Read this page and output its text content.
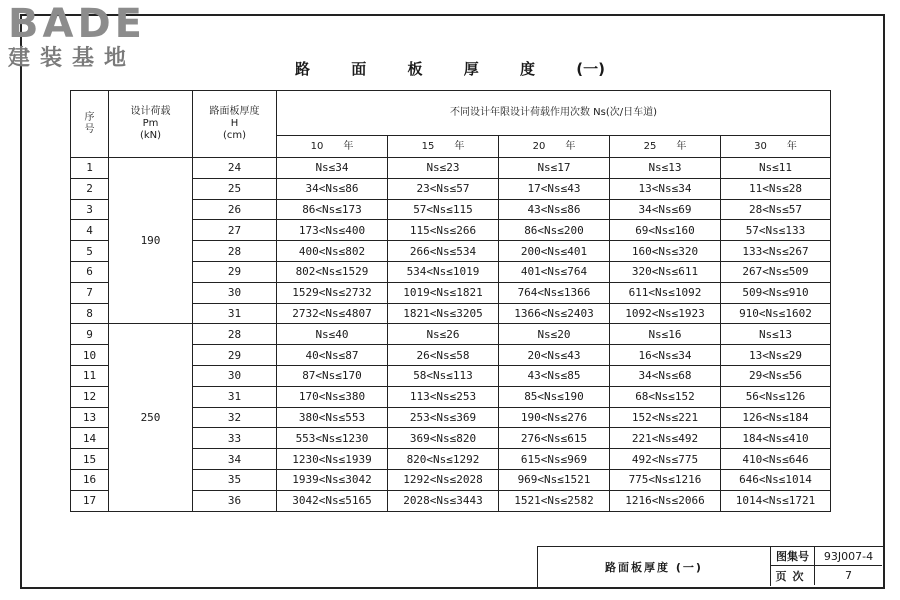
BADE
建装基地	路	面	板	厚	度	(一)
序
号	设计荷载
Pm
(kN)	路面板厚度
H
(cm)	不同设计年限设计荷载作用次数 Ns(次/日车道)				
			10　　年	15　　年	20　　年	25　　年	30　　年
1	190	24	Ns≤34	Ns≤23	Ns≤17	Ns≤13	Ns≤11
2		25	34<Ns≤86	23<Ns≤57	17<Ns≤43	13<Ns≤34	11<Ns≤28
3		26	86<Ns≤173	57<Ns≤115	43<Ns≤86	34<Ns≤69	28<Ns≤57
4		27	173<Ns≤400	115<Ns≤266	86<Ns≤200	69<Ns≤160	57<Ns≤133
5		28	400<Ns≤802	266<Ns≤534	200<Ns≤401	160<Ns≤320	133<Ns≤267
6		29	802<Ns≤1529	534<Ns≤1019	401<Ns≤764	320<Ns≤611	267<Ns≤509
7		30	1529<Ns≤2732	1019<Ns≤1821	764<Ns≤1366	611<Ns≤1092	509<Ns≤910
8		31	2732<Ns≤4807	1821<Ns≤3205	1366<Ns≤2403	1092<Ns≤1923	910<Ns≤1602
9	250	28	Ns≤40	Ns≤26	Ns≤20	Ns≤16	Ns≤13
10		29	40<Ns≤87	26<Ns≤58	20<Ns≤43	16<Ns≤34	13<Ns≤29
11		30	87<Ns≤170	58<Ns≤113	43<Ns≤85	34<Ns≤68	29<Ns≤56
12		31	170<Ns≤380	113<Ns≤253	85<Ns≤190	68<Ns≤152	56<Ns≤126
13		32	380<Ns≤553	253<Ns≤369	190<Ns≤276	152<Ns≤221	126<Ns≤184
14		33	553<Ns≤1230	369<Ns≤820	276<Ns≤615	221<Ns≤492	184<Ns≤410
15		34	1230<Ns≤1939	820<Ns≤1292	615<Ns≤969	492<Ns≤775	410<Ns≤646
16		35	1939<Ns≤3042	1292<Ns≤2028	969<Ns≤1521	775<Ns≤1216	646<Ns≤1014
17		36	3042<Ns≤5165	2028<Ns≤3443	1521<Ns≤2582	1216<Ns≤2066	1014<Ns≤1721
路面板厚度 (一)
图集号	93J007-4
页次	7
